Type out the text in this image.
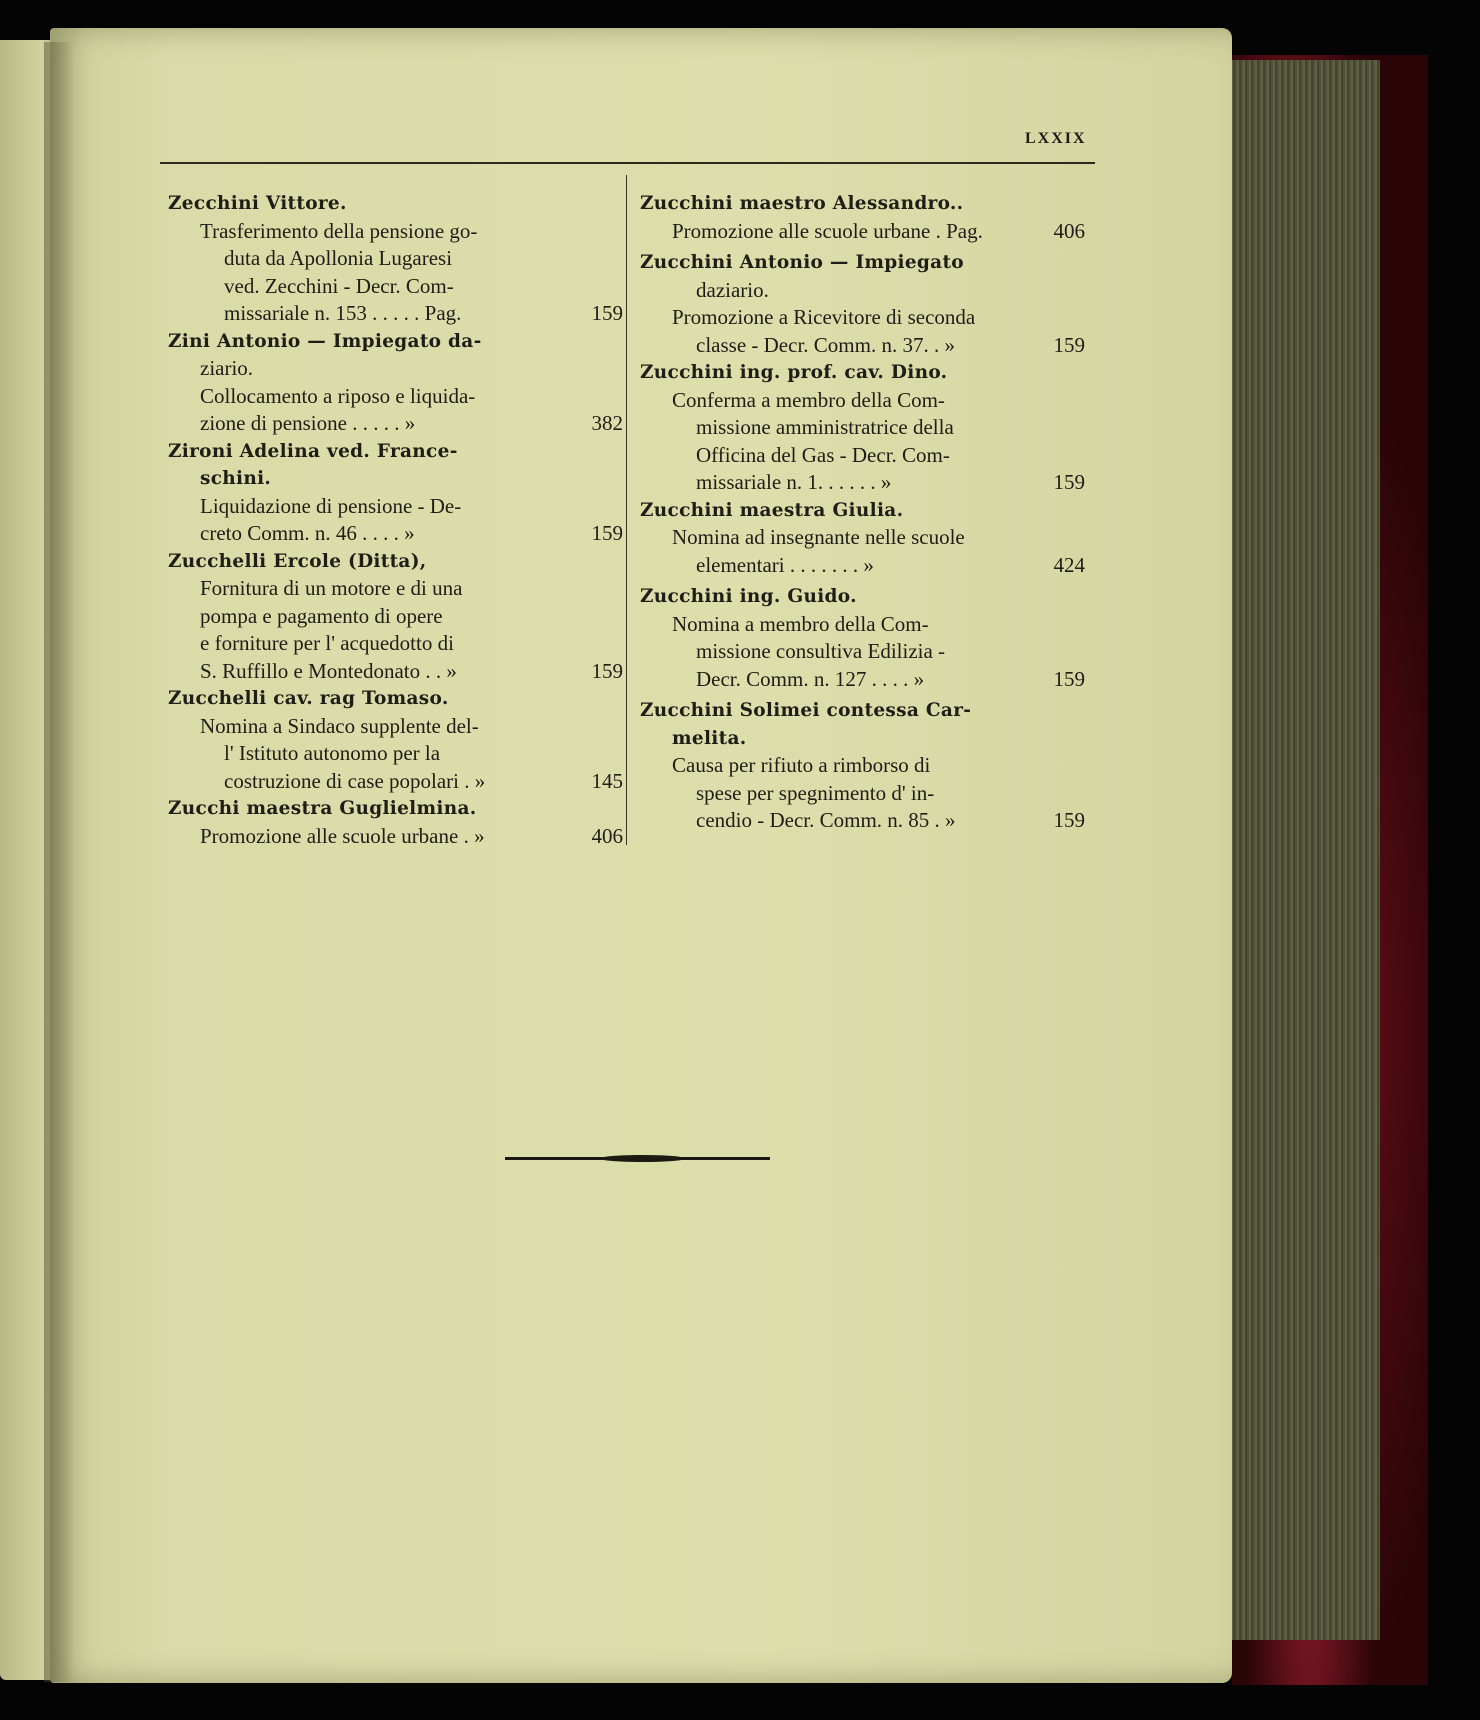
LXXIX
Zecchini Vittore.
Trasferimento della pensione go-
duta da Apollonia Lugaresi
ved. Zecchini - Decr. Com-
missariale n. 153 . . . . . Pag.	159
Zini Antonio — Impiegato da-
ziario.
Collocamento a riposo e liquida-
zione di pensione . . . . . »	382
Zironi Adelina ved. France-
schini.
Liquidazione di pensione - De-
creto Comm. n. 46 . . . . »	159
Zucchelli Ercole (Ditta),
Fornitura di un motore e di una
pompa e pagamento di opere
e forniture per l' acquedotto di
S. Ruffillo e Montedonato . . »	159
Zucchelli cav. rag Tomaso.
Nomina a Sindaco supplente del-
l' Istituto autonomo per la
costruzione di case popolari . »	145
Zucchi maestra Guglielmina.
Promozione alle scuole urbane . »	406
Zucchini maestro Alessandro..
Promozione alle scuole urbane . Pag.	406
Zucchini Antonio — Impiegato
daziario.
Promozione a Ricevitore di seconda
classe - Decr. Comm. n. 37. . »	159
Zucchini ing. prof. cav. Dino.
Conferma a membro della Com-
missione amministratrice della
Officina del Gas - Decr. Com-
missariale n. 1. . . . . . »	159
Zucchini maestra Giulia.
Nomina ad insegnante nelle scuole
elementari . . . . . . . »	424
Zucchini ing. Guido.
Nomina a membro della Com-
missione consultiva Edilizia -
Decr. Comm. n. 127 . . . . »	159
Zucchini Solimei contessa Car-
melita.
Causa per rifiuto a rimborso di
spese per spegnimento d' in-
cendio - Decr. Comm. n. 85 . »	159
